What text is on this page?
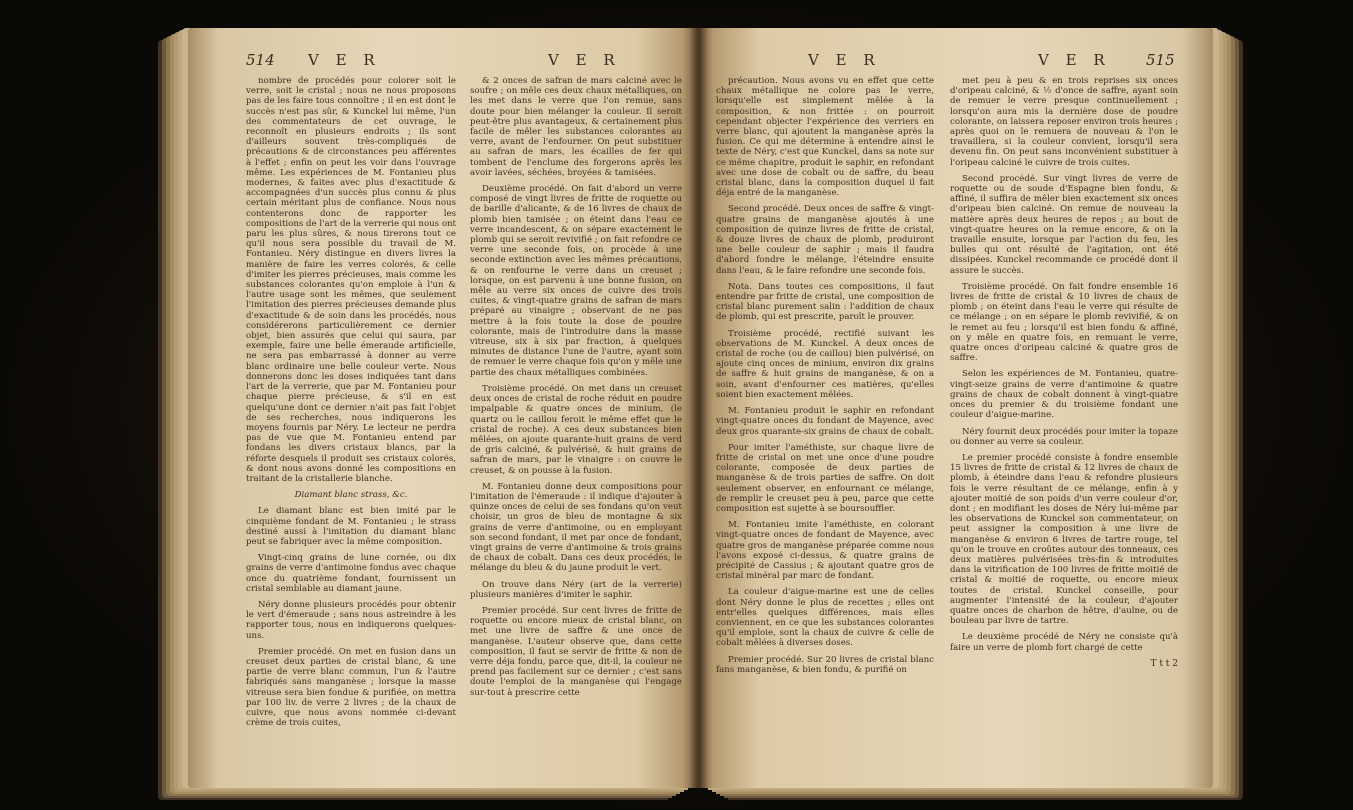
514 V E R	V E R

nombre de procédés pour colorer soit le verre, soit le cristal ; nous ne nous proposons pas de les faire tous connoître ; il en est dont le succès n'est pas sûr, & Kunckel lui même, l'un des commentateurs de cet ouvrage, le reconnoît en plusieurs endroits ; ils sont d'ailleurs souvent très-compliqués de précautions & de circonstances peu afférentes à l'effet ; enfin on peut les voir dans l'ouvrage même. Les expériences de M. Fontanieu plus modernes, & faites avec plus d'exactitude & accompagnées d'un succès plus connu & plus certain méritant plus de confiance. Nous nous contenterons donc de rapporter les compositions de l'art de la verrerie qui nous ont paru les plus sûres, & nous tirerons tout ce qu'il nous sera possible du travail de M. Fontanieu. Néry distingue en divers livres la manière de faire les verres colorés, & celle d'imiter les pierres précieuses, mais comme les substances colorantes qu'on emploie à l'un & l'autre usage sont les mêmes, que seulement l'imitation des pierres précieuses demande plus d'exactitude & de soin dans les procédés, nous considérerons particulièrement ce dernier objet, bien assurés que celui qui saura, par exemple, faire une belle émeraude artificielle, ne sera pas embarrassé à donner au verre blanc ordinaire une belle couleur verte. Nous donnerons donc les doses indiquées tant dans l'art de la verrerie, que par M. Fontanieu pour chaque pierre précieuse, & s'il en est quelqu'une dont ce dernier n'ait pas fait l'objet de ses recherches, nous indiquerons les moyens fournis par Néry. Le lecteur ne perdra pas de vue que M. Fontanieu entend par fondans les divers cristaux blancs, par la réforte desquels il produit ses cristaux colorés, & dont nous avons donné les compositions en traitant de la cristallerie blanche.

Diamant blanc strass, &c.

Le diamant blanc est bien imité par le cinquième fondant de M. Fontanieu ; le strass destiné aussi à l'imitation du diamant blanc peut se fabriquer avec la même composition.

Vingt-cinq grains de lune cornée, ou dix grains de verre d'antimoine fondus avec chaque once du quatrième fondant, fournissent un cristal semblable au diamant jaune.

Néry donne plusieurs procédés pour obtenir le vert d'émeraude ; sans nous astreindre à les rapporter tous, nous en indiquerons quelques-uns.

Premier procédé. On met en fusion dans un creuset deux parties de cristal blanc, & une partie de verre blanc commun, l'un & l'autre fabriqués sans manganèse ; lorsque la masse vitreuse sera bien fondue & purifiée, on mettra par 100 liv. de verre 2 livres ; de la chaux de cuivre, que nous avons nommée ci-devant crème de trois cuites,

& 2 onces de safran de mars calciné avec le soufre ; on mêle ces deux chaux métalliques, on les met dans le verre que l'on remue, sans doute pour bien mélanger la couleur. Il seroit peut-être plus avantageux, & certainement plus facile de mêler les substances colorantes au verre, avant de l'enfourner. On peut substituer au safran de mars, les écailles de fer qui tombent de l'enclume des forgerons après les avoir lavées, séchées, broyées & tamisées.

Deuxième procédé. On fait d'abord un verre composé de vingt livres de fritte de roquette ou de barille d'alicante, & de 16 livres de chaux de plomb bien tamisée ; on éteint dans l'eau ce verre incandescent, & on sépare exactement le plomb qui se seroit revivifié ; on fait refondre ce verre une seconde fois, on procède à une seconde extinction avec les mêmes précautions, & on renfourne le verre dans un creuset ; lorsque, on est parvenu à une bonne fusion, on mêle au verre six onces de cuivre des trois cuites, & vingt-quatre grains de safran de mars préparé au vinaigre ; observant de ne pas mettre à la fois toute la dose de poudre colorante, mais de l'introduire dans la masse vitreuse, six à six par fraction, à quelques minutes de distance l'une de l'autre, ayant soin de remuer le verre chaque fois qu'on y mêle une partie des chaux métalliques combinées.

Troisième procédé. On met dans un creuset deux onces de cristal de roche réduit en poudre impalpable & quatre onces de minium, (le quartz ou le caillou feroit le même effet que le cristal de roche). A ces deux substances bien mêlées, on ajoute quarante-huit grains de verd de gris calciné, & pulvérisé, & huit grains de safran de mars, par le vinaigre : on couvre le creuset, & on pousse à la fusion.

M. Fontanieu donne deux compositions pour l'imitation de l'émeraude : il indique d'ajouter à quinze onces de celui de ses fondans qu'on veut choisir, un gros de bleu de montagne & six grains de verre d'antimoine, ou en employant son second fondant, il met par once de fondant, vingt grains de verre d'antimoine & trois grains de chaux de cobalt. Dans ces deux procédés, le mélange du bleu & du jaune produit le vert.

On trouve dans Néry (art de la verrerie) plusieurs manières d'imiter le saphir.

Premier procédé. Sur cent livres de fritte de roquette ou encore mieux de cristal blanc, on met une livre de saffre & une once de manganèse. L'auteur observe que, dans cette composition, il faut se servir de fritte & non de verre déja fondu, parce que, dit-il, la couleur ne prend pas facilement sur ce dernier ; c'est sans doute l'emploi de la manganèse qui l'engage sur-tout à prescrire cette

V E R	V E R 515

précaution. Nous avons vu en effet que cette chaux métallique ne colore pas le verre, lorsqu'elle est simplement mêlée à la composition, & non frittée : on pourroit cependant objecter l'expérience des verriers en verre blanc, qui ajoutent la manganèse après la fusion. Ce qui me détermine à entendre ainsi le texte de Néry, c'est que Kunckel, dans sa note sur ce même chapitre, produit le saphir, en refondant avec une dose de cobalt ou de saffre, du beau cristal blanc, dans la composition duquel il fait déja entré de la manganèse.

Second procédé. Deux onces de saffre & vingt-quatre grains de manganèse ajoutés à une composition de quinze livres de fritte de cristal, & douze livres de chaux de plomb, produiront une belle couleur de saphir ; mais il faudra d'abord fondre le mélange, l'éteindre ensuite dans l'eau, & le faire refondre une seconde fois.

Nota. Dans toutes ces compositions, il faut entendre par fritte de cristal, une composition de cristal blanc purement salin : l'addition de chaux de plomb, qui est prescrite, paroît le prouver.

Troisième procédé, rectifié suivant les observations de M. Kunckel. A deux onces de cristal de roche (ou de caillou) bien pulvérisé, on ajoute cinq onces de minium, environ dix grains de saffre & huit grains de manganèse, & on a soin, avant d'enfourner ces matières, qu'elles soient bien exactement mêlées.

M. Fontanieu produit le saphir en refondant vingt-quatre onces du fondant de Mayence, avec deux gros quarante-six grains de chaux de cobalt.

Pour imiter l'améthiste, sur chaque livre de fritte de cristal on met une once d'une poudre colorante, composée de deux parties de manganèse & de trois parties de saffre. On doit seulement observer, en enfournant ce mélange, de remplir le creuset peu à peu, parce que cette composition est sujette à se boursouffler.

M. Fontanieu imite l'améthiste, en colorant vingt-quatre onces de fondant de Mayence, avec quatre gros de manganèse préparée comme nous l'avons exposé ci-dessus, & quatre grains de précipité de Cassius ; & ajoutant quatre gros de cristal minéral par marc de fondant.

La couleur d'aigue-marine est une de celles dont Néry donne le plus de recettes ; elles ont entr'elles quelques différences, mais elles conviennent, en ce que les substances colorantes qu'il emploie, sont la chaux de cuivre & celle de cobalt mêlées à diverses doses.

Premier procédé. Sur 20 livres de cristal blanc fans manganèse, & bien fondu, & purifié on

met peu à peu & en trois reprises six onces d'oripeau calciné, & ½ d'once de saffre, ayant soin de remuer le verre presque continuellement ; lorsqu'on aura mis la dernière dose de poudre colorante, on laissera reposer environ trois heures ; après quoi on le remuera de nouveau & l'on le travaillera, si la couleur convient, lorsqu'il sera devenu fin. On peut sans inconvénient substituer à l'oripeau calciné le cuivre de trois cuites.

Second procédé. Sur vingt livres de verre de roquette ou de soude d'Espagne bien fondu, & affiné, il suffira de mêler bien exactement six onces d'oripeau bien calciné. On remue de nouveau la matière après deux heures de repos ; au bout de vingt-quatre heures on la remue encore, & on la travaille ensuite, lorsque par l'action du feu, les bulles qui ont résulté de l'agitation, ont été dissipées. Kunckel recommande ce procédé dont il assure le succès.

Troisième procédé. On fait fondre ensemble 16 livres de fritte de cristal & 10 livres de chaux de plomb ; on éteint dans l'eau le verre qui résulte de ce mélange ; on en sépare le plomb revivifié, & on le remet au feu ; lorsqu'il est bien fondu & affiné, on y mêle en quatre fois, en remuant le verre, quatre onces d'oripeau calciné & quatre gros de saffre.

Selon les expériences de M. Fontanieu, quatre-vingt-seize grains de verre d'antimoine & quatre grains de chaux de cobalt donnent à vingt-quatre onces du premier & du troisième fondant une couleur d'aigue-marine.

Néry fournit deux procédés pour imiter la topaze ou donner au verre sa couleur.

Le premier procédé consiste à fondre ensemble 15 livres de fritte de cristal & 12 livres de chaux de plomb, à éteindre dans l'eau & refondre plusieurs fois le verre résultant de ce mélange, enfin à y ajouter moitié de son poids d'un verre couleur d'or, dont ; en modifiant les doses de Néry lui-même par les observations de Kunckel son commentateur, on peut assigner la composition à une livre de manganèse & environ 6 livres de tartre rouge, tel qu'on le trouve en croûtes autour des tonneaux, ces deux matières pulvérisées très-fin & introduites dans la vitrification de 100 livres de fritte moitié de cristal & moitié de roquette, ou encore mieux toutes de cristal. Kunckel conseille, pour augmenter l'intensité de la couleur, d'ajouter quatre onces de charbon de hêtre, d'aulne, ou de bouleau par livre de tartre.

Le deuxième procédé de Néry ne consiste qu'à faire un verre de plomb fort chargé de cette

T t t 2
